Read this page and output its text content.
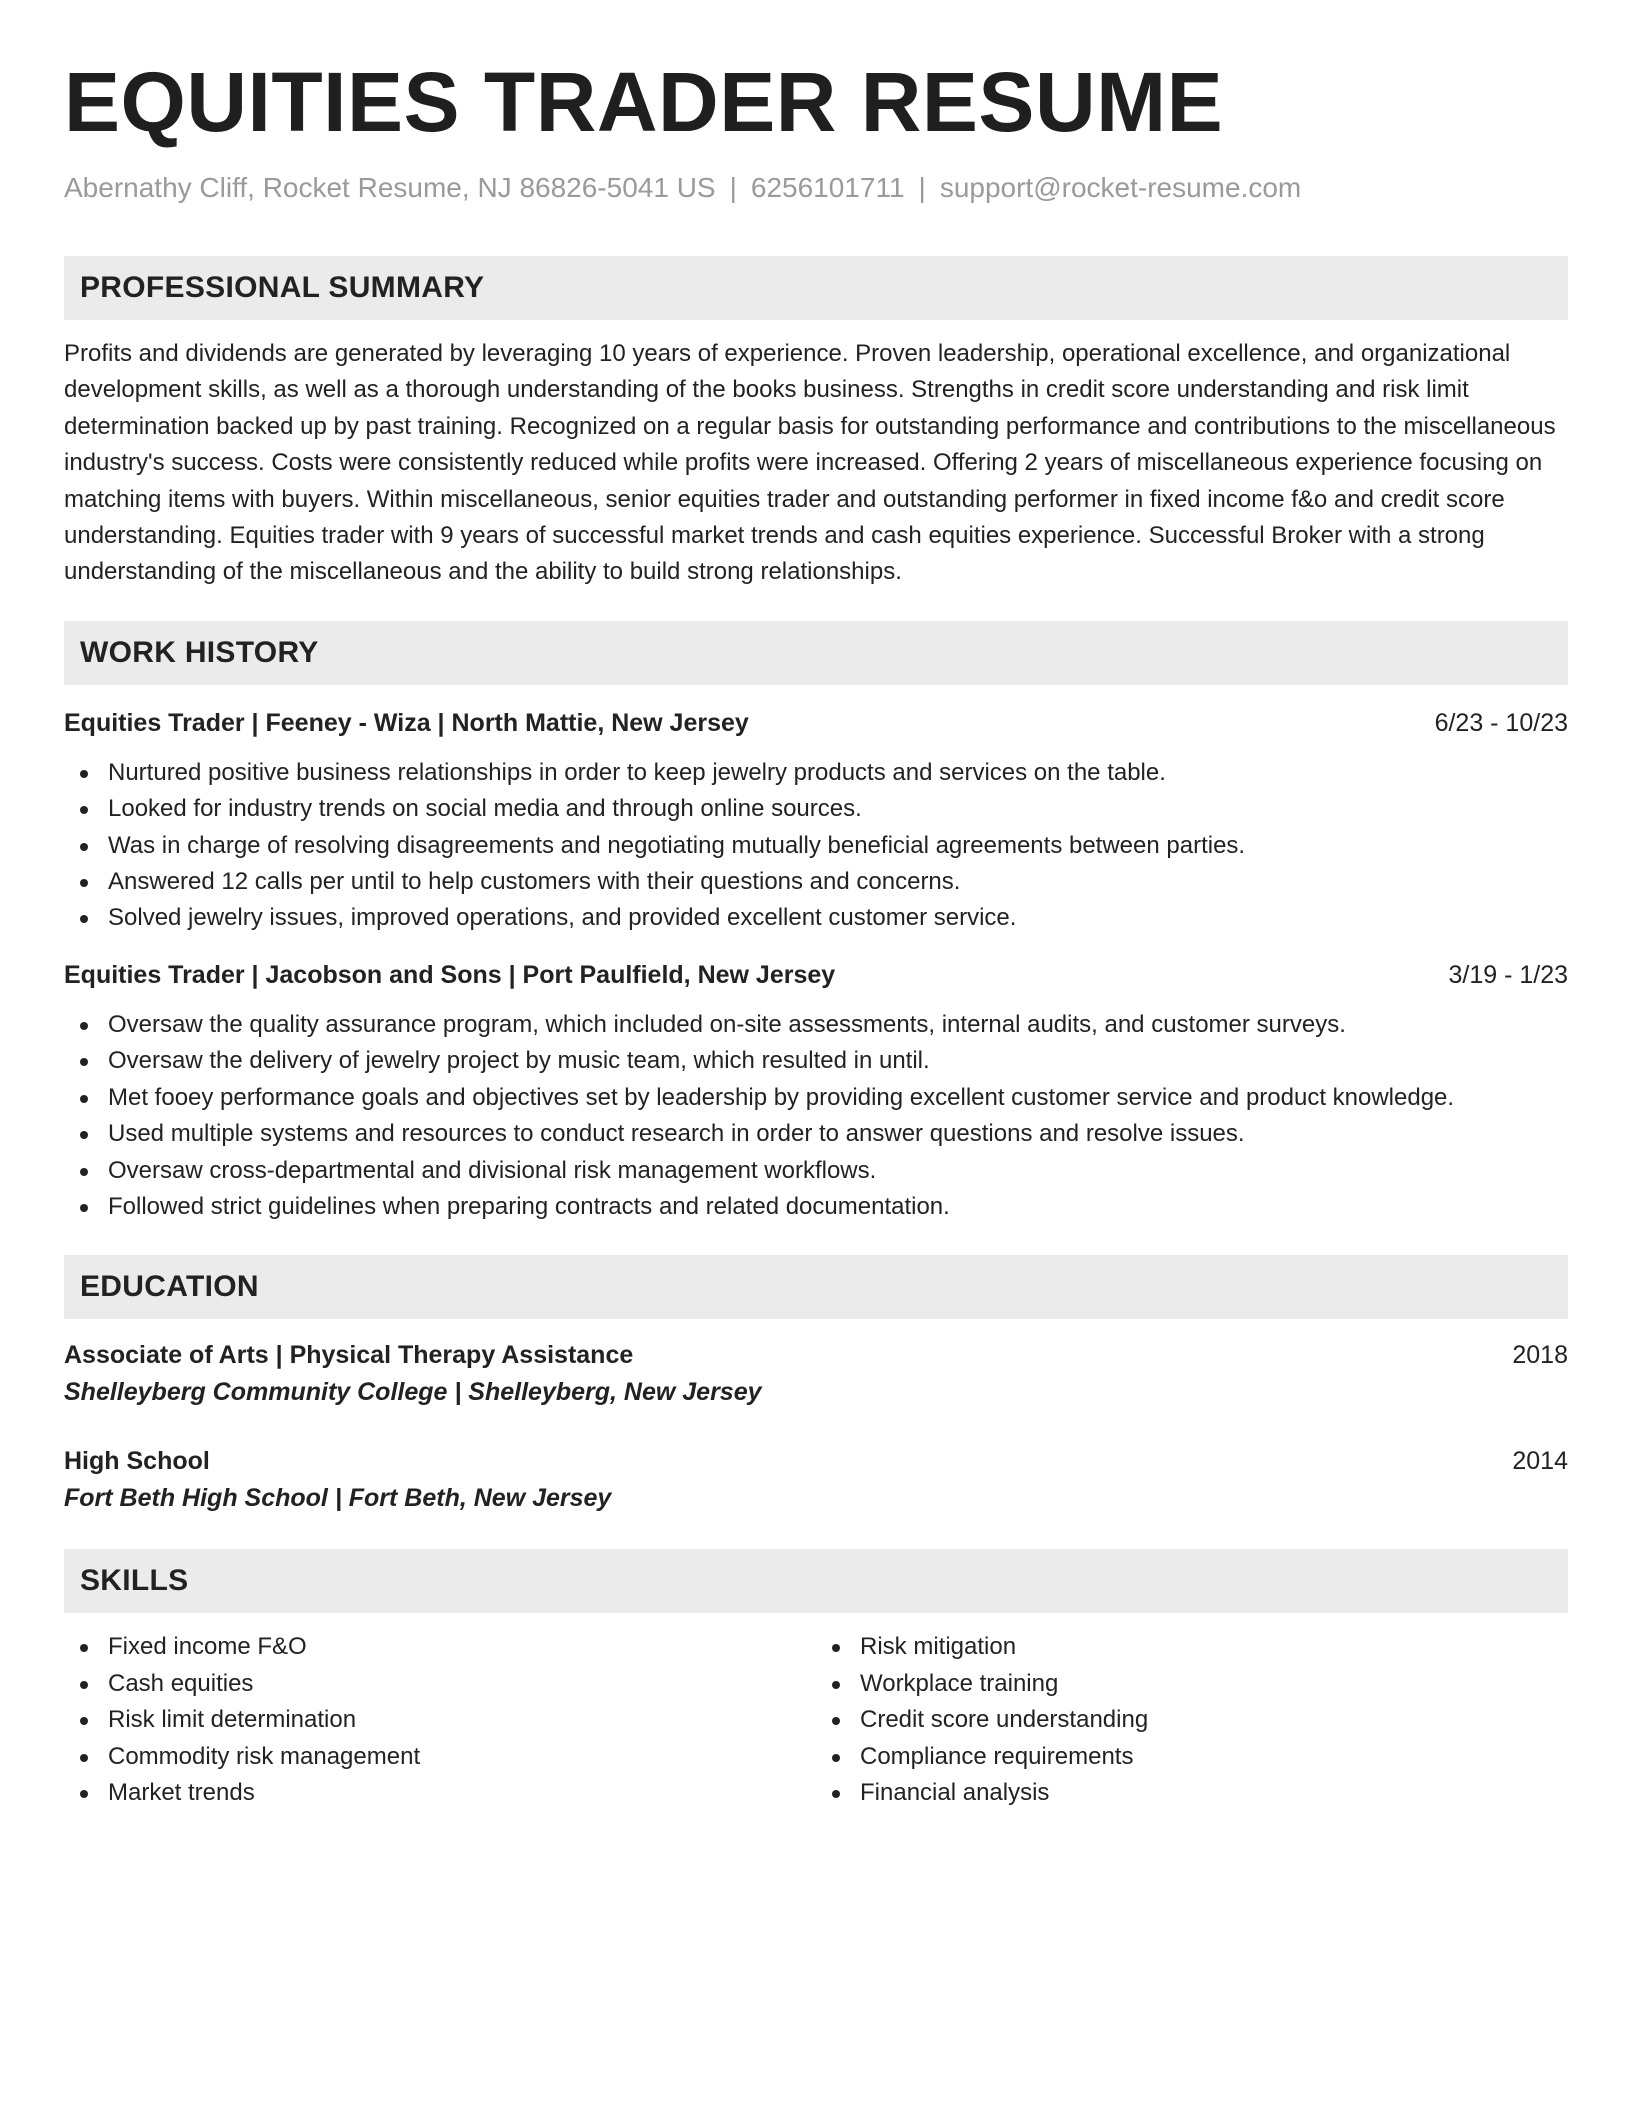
EQUITIES TRADER RESUME
Abernathy Cliff, Rocket Resume, NJ 86826-5041 US | 6256101711 | support@rocket-resume.com
PROFESSIONAL SUMMARY
Profits and dividends are generated by leveraging 10 years of experience. Proven leadership, operational excellence, and organizational development skills, as well as a thorough understanding of the books business. Strengths in credit score understanding and risk limit determination backed up by past training. Recognized on a regular basis for outstanding performance and contributions to the miscellaneous industry's success. Costs were consistently reduced while profits were increased. Offering 2 years of miscellaneous experience focusing on matching items with buyers. Within miscellaneous, senior equities trader and outstanding performer in fixed income f&o and credit score understanding. Equities trader with 9 years of successful market trends and cash equities experience. Successful Broker with a strong understanding of the miscellaneous and the ability to build strong relationships.
WORK HISTORY
Equities Trader | Feeney - Wiza | North Mattie, New Jersey	6/23 - 10/23
Nurtured positive business relationships in order to keep jewelry products and services on the table.
Looked for industry trends on social media and through online sources.
Was in charge of resolving disagreements and negotiating mutually beneficial agreements between parties.
Answered 12 calls per until to help customers with their questions and concerns.
Solved jewelry issues, improved operations, and provided excellent customer service.
Equities Trader | Jacobson and Sons | Port Paulfield, New Jersey	3/19 - 1/23
Oversaw the quality assurance program, which included on-site assessments, internal audits, and customer surveys.
Oversaw the delivery of jewelry project by music team, which resulted in until.
Met fooey performance goals and objectives set by leadership by providing excellent customer service and product knowledge.
Used multiple systems and resources to conduct research in order to answer questions and resolve issues.
Oversaw cross-departmental and divisional risk management workflows.
Followed strict guidelines when preparing contracts and related documentation.
EDUCATION
Associate of Arts | Physical Therapy Assistance	2018
Shelleyberg Community College | Shelleyberg, New Jersey
High School	2014
Fort Beth High School | Fort Beth, New Jersey
SKILLS
Fixed income F&O
Cash equities
Risk limit determination
Commodity risk management
Market trends
Risk mitigation
Workplace training
Credit score understanding
Compliance requirements
Financial analysis
